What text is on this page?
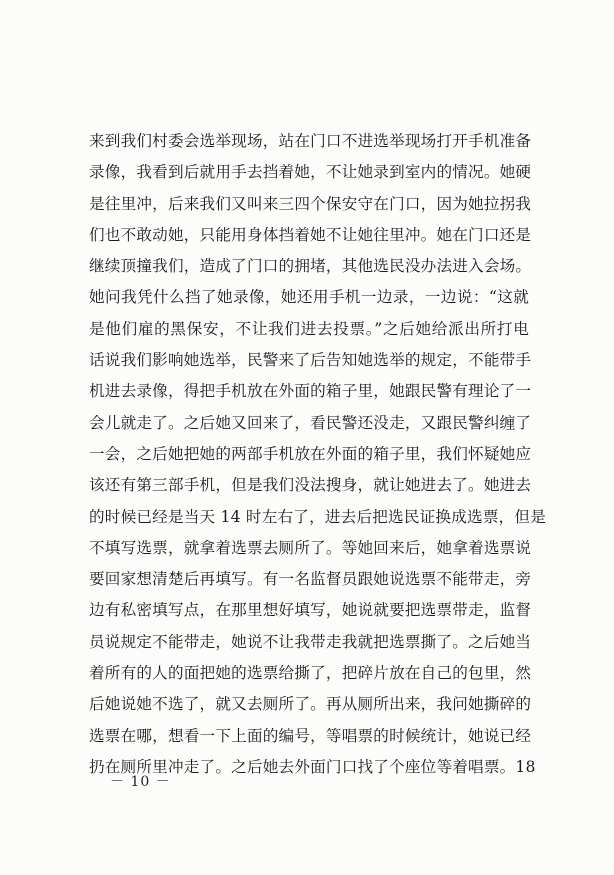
来到我们村委会选举现场，站在门口不进选举现场打开手机准备
录像，我看到后就用手去挡着她，不让她录到室内的情况。她硬
是往里冲，后来我们又叫来三四个保安守在门口，因为她拉拐我
们也不敢动她，只能用身体挡着她不让她往里冲。她在门口还是
继续顶撞我们，造成了门口的拥堵，其他选民没办法进入会场。
她问我凭什么挡了她录像，她还用手机一边录，一边说：“这就
是他们雇的黑保安，不让我们进去投票。”之后她给派出所打电
话说我们影响她选举，民警来了后告知她选举的规定，不能带手
机进去录像，得把手机放在外面的箱子里，她跟民警有理论了一
会儿就走了。之后她又回来了，看民警还没走，又跟民警纠缠了
一会，之后她把她的两部手机放在外面的箱子里，我们怀疑她应
该还有第三部手机，但是我们没法搜身，就让她进去了。她进去
的时候已经是当天 14 时左右了，进去后把选民证换成选票，但是
不填写选票，就拿着选票去厕所了。等她回来后，她拿着选票说
要回家想清楚后再填写。有一名监督员跟她说选票不能带走，旁
边有私密填写点，在那里想好填写，她说就要把选票带走，监督
员说规定不能带走，她说不让我带走我就把选票撕了。之后她当
着所有的人的面把她的选票给撕了，把碎片放在自己的包里，然
后她说她不选了，就又去厕所了。再从厕所出来，我问她撕碎的
选票在哪，想看一下上面的编号，等唱票的时候统计，她说已经
扔在厕所里冲走了。之后她去外面门口找了个座位等着唱票。18
－ 10 －
